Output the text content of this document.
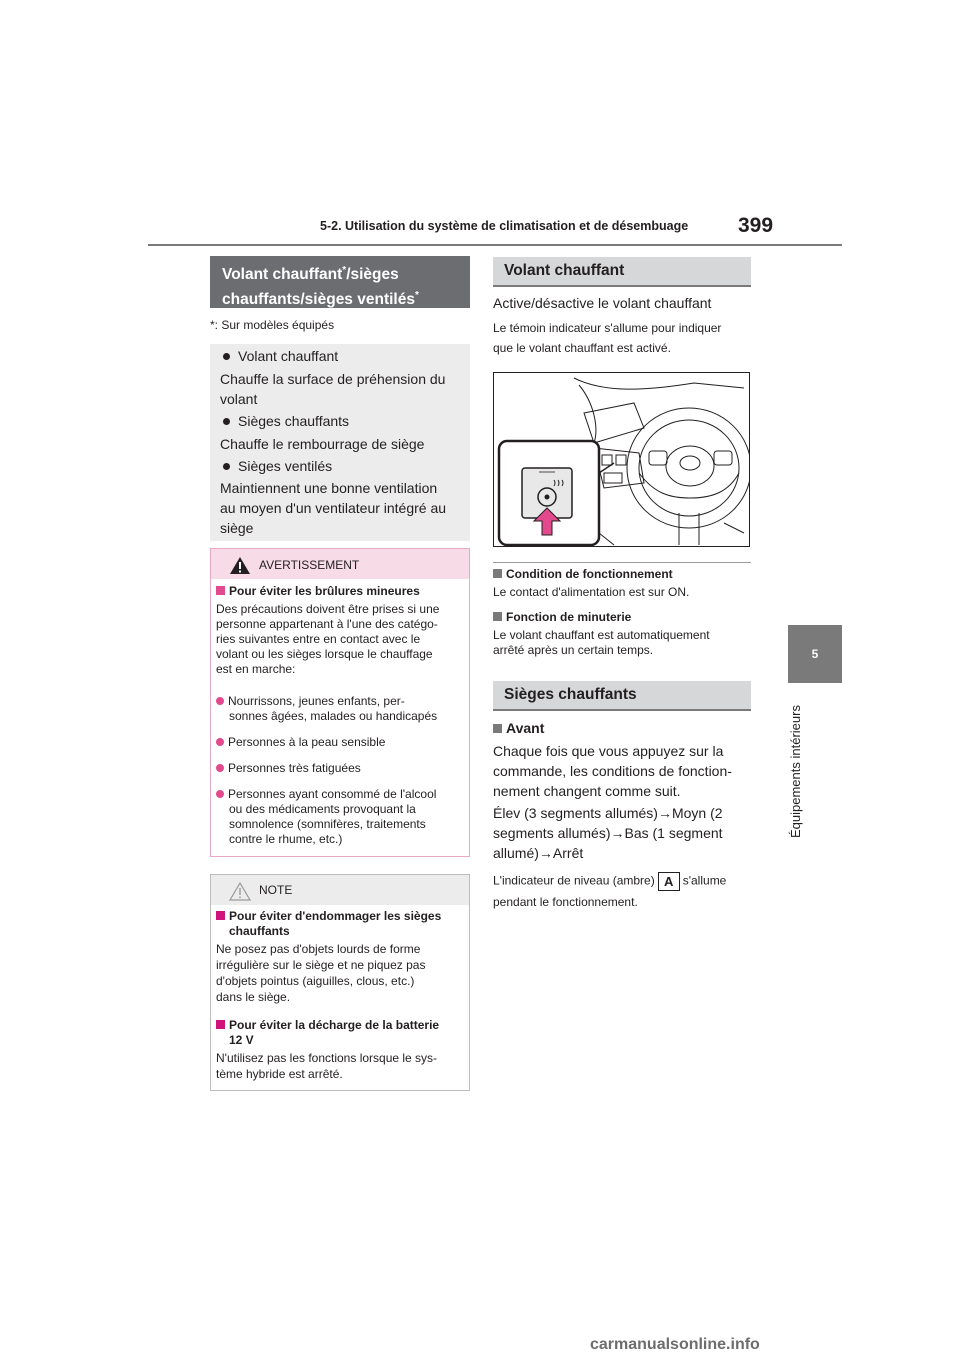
5-2. Utilisation du système de climatisation et de désembuage 399
5
Équipements intérieurs
Volant chauffant*/sièges
chauffants/sièges ventilés*
*: Sur modèles équipés
Volant chauffant
Chauffe la surface de préhension du
volant
Sièges chauffants
Chauffe le rembourrage de siège
Sièges ventilés
Maintiennent une bonne ventilation
au moyen d'un ventilateur intégré au
siège
AVERTISSEMENT
Pour éviter les brûlures mineures
Des précautions doivent être prises si une
personne appartenant à l'une des catégo-
ries suivantes entre en contact avec le
volant ou les sièges lorsque le chauffage
est en marche:
Nourrissons, jeunes enfants, per-
sonnes âgées, malades ou handicapés
Personnes à la peau sensible
Personnes très fatiguées
Personnes ayant consommé de l'alcool
ou des médicaments provoquant la
somnolence (somnifères, traitements
contre le rhume, etc.)
NOTE
Pour éviter d'endommager les sièges
chauffants
Ne posez pas d'objets lourds de forme
irrégulière sur le siège et ne piquez pas
d'objets pointus (aiguilles, clous, etc.)
dans le siège.
Pour éviter la décharge de la batterie
12 V
N'utilisez pas les fonctions lorsque le sys-
tème hybride est arrêté.
Volant chauffant
Active/désactive le volant chauffant
Le témoin indicateur s'allume pour indiquer
que le volant chauffant est activé.
Condition de fonctionnement
Le contact d'alimentation est sur ON.
Fonction de minuterie
Le volant chauffant est automatiquement
arrêté après un certain temps.
Sièges chauffants
Avant
Chaque fois que vous appuyez sur la
commande, les conditions de fonction-
nement changent comme suit.
Élev (3 segments allumés)→Moyn (2
segments allumés)→Bas (1 segment
allumé)→Arrêt
L'indicateur de niveau (ambre) A s'allume
pendant le fonctionnement.
carmanualsonline.info
